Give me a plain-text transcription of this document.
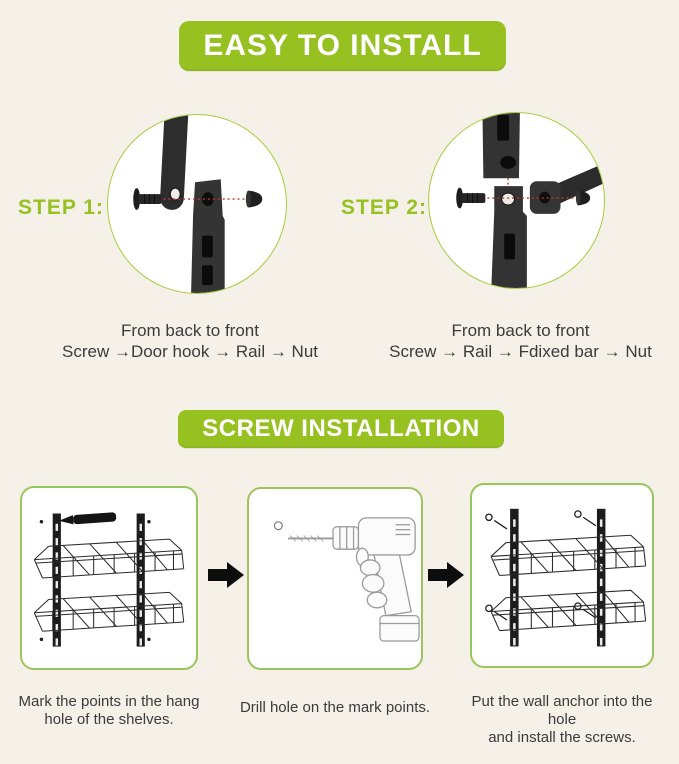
EASY TO INSTALL
STEP 1:
From back to front
Screw →Door hook → Rail → Nut
STEP 2:
From back to front
Screw → Rail → Fdixed bar → Nut
SCREW INSTALLATION
Mark the points in the hang
hole of the shelves.
Drill hole on the mark points.	Put the wall anchor into the hole
and install the screws.
